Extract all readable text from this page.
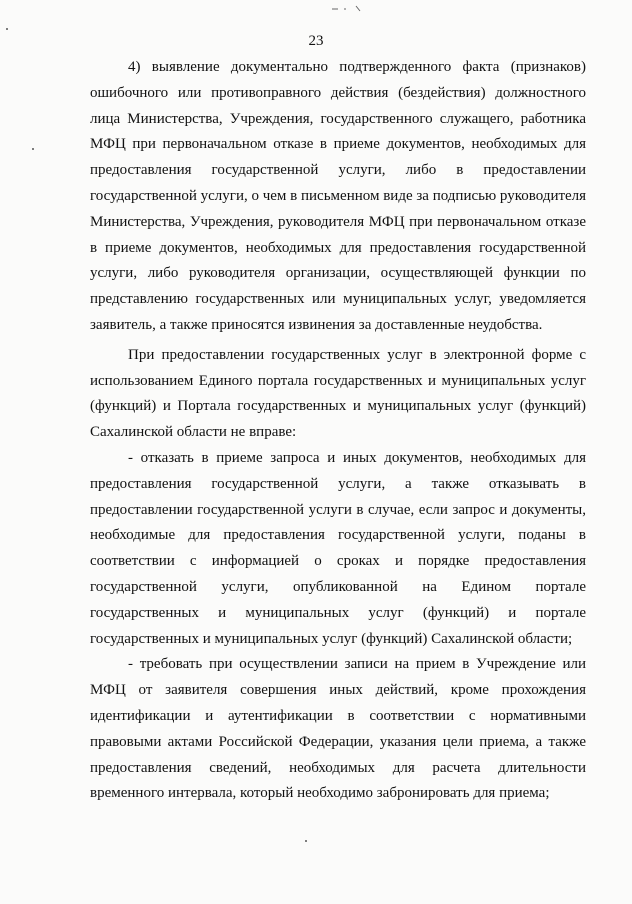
23

4) выявление документально подтвержденного факта (признаков)
ошибочного или противоправного действия (бездействия) должностного
лица Министерства, Учреждения, государственного служащего, работника
МФЦ при первоначальном отказе в приеме документов, необходимых для
предоставления государственной услуги, либо в предоставлении
государственной услуги, о чем в письменном виде за подписью руководителя
Министерства, Учреждения, руководителя МФЦ при первоначальном отказе
в приеме документов, необходимых для предоставления государственной
услуги, либо руководителя организации, осуществляющей функции по
представлению государственных или муниципальных услуг, уведомляется
заявитель, а также приносятся извинения за доставленные неудобства.

При предоставлении государственных услуг в электронной форме с
использованием Единого портала государственных и муниципальных услуг
(функций) и Портала государственных и муниципальных услуг (функций)
Сахалинской области не вправе:

- отказать в приеме запроса и иных документов, необходимых для
предоставления государственной услуги, а также отказывать в
предоставлении государственной услуги в случае, если запрос и документы,
необходимые для предоставления государственной услуги, поданы в
соответствии с информацией о сроках и порядке предоставления
государственной услуги, опубликованной на Едином портале
государственных и муниципальных услуг (функций) и портале
государственных и муниципальных услуг (функций) Сахалинской области;

- требовать при осуществлении записи на прием в Учреждение или
МФЦ от заявителя совершения иных действий, кроме прохождения
идентификации и аутентификации в соответствии с нормативными
правовыми актами Российской Федерации, указания цели приема, а также
предоставления сведений, необходимых для расчета длительности
временного интервала, который необходимо забронировать для приема;
